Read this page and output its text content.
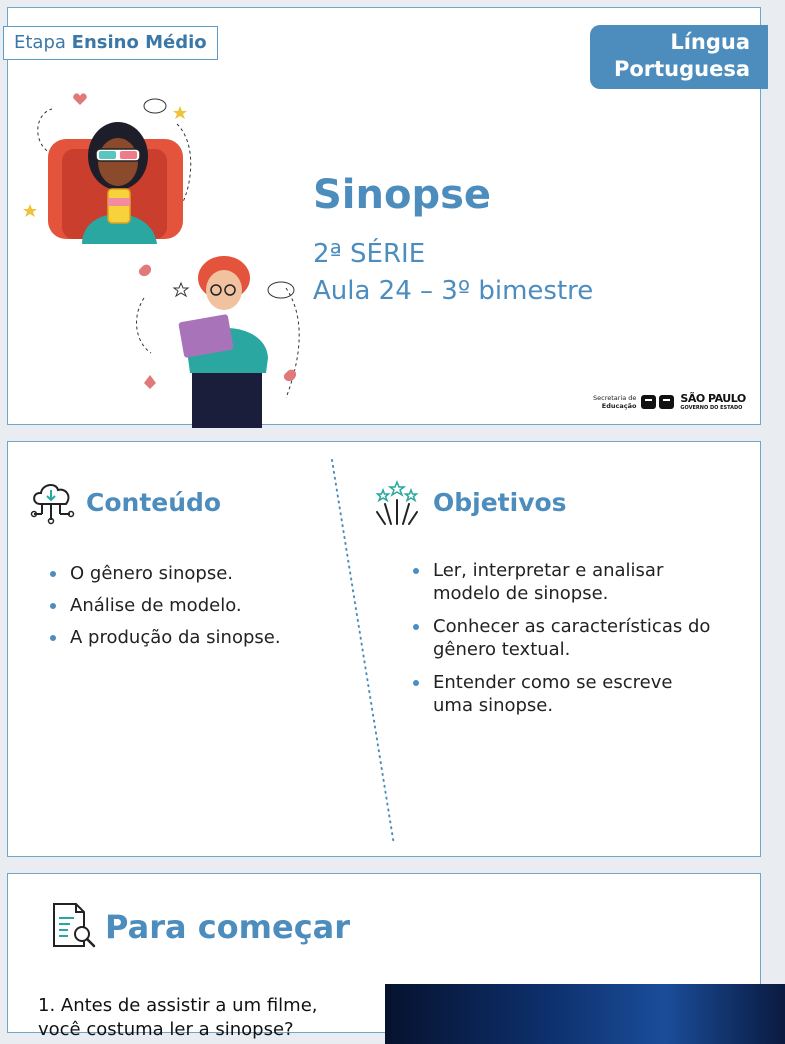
Etapa Ensino Médio	Língua
Portuguesa
Sinopse
2ª SÉRIE
Aula 24 – 3º bimestre
Secretaria de
Educação
SÃO PAULO
GOVERNO DO ESTADO
Conteúdo
O gênero sinopse.
Análise de modelo.
A produção da sinopse.
Objetivos
Ler, interpretar e analisar modelo de sinopse.
Conhecer as características do gênero textual.
Entender como se escreve uma sinopse.
Para começar
1. Antes de assistir a um filme, você costuma ler a sinopse?
